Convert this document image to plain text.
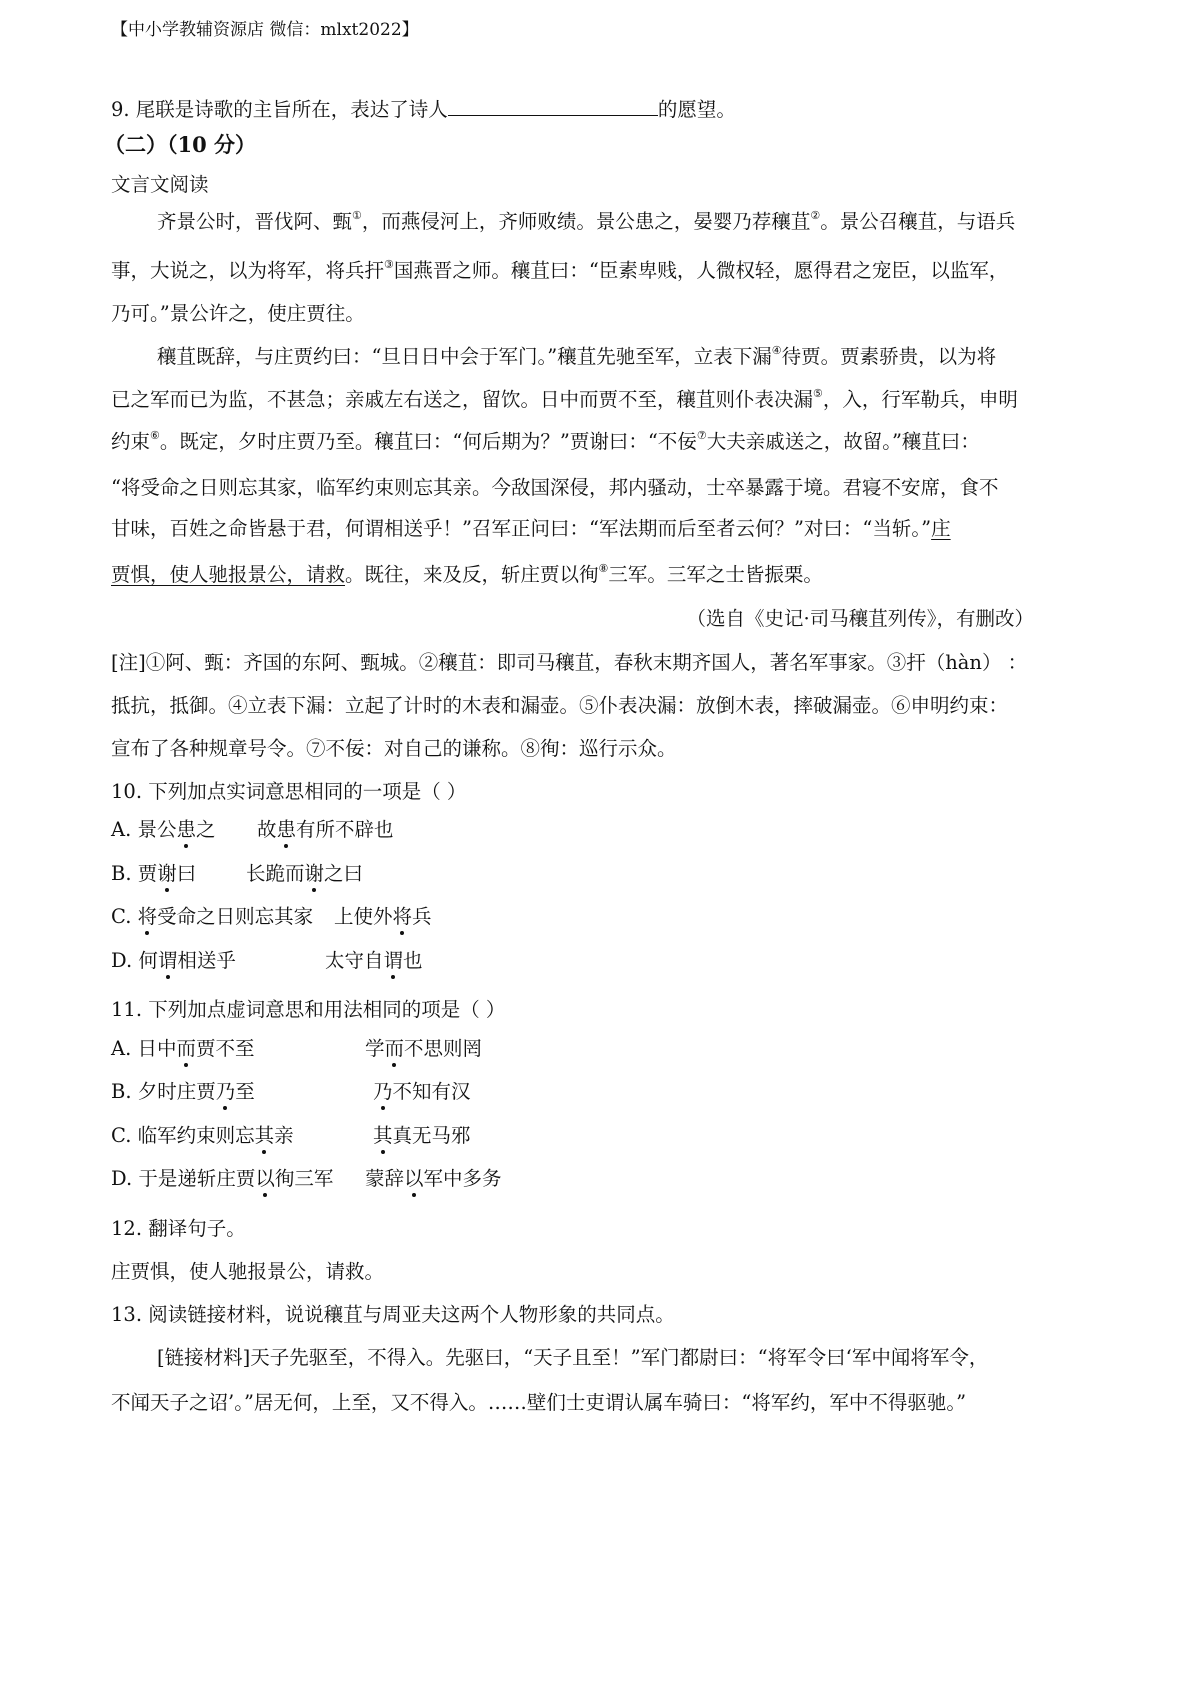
【中小学教辅资源店 微信：mlxt2022】
9. 尾联是诗歌的主旨所在，表达了诗人	的愿望。
（二）（10 分）
文言文阅读
齐景公时，晋伐阿、甄①，而燕侵河上，齐师败绩。景公患之，晏婴乃荐穰苴②。景公召穰苴，与语兵
事，大说之，以为将军，将兵扞③国燕晋之师。穰苴曰：“臣素卑贱，人微权轻，愿得君之宠臣，以监军，
乃可。”景公许之，使庄贾往。
穰苴既辞，与庄贾约曰：“旦日日中会于军门。”穰苴先驰至军，立表下漏④待贾。贾素骄贵，以为将
已之军而已为监，不甚急；亲戚左右送之，留饮。日中而贾不至，穰苴则仆表决漏⑤，入，行军勒兵，申明
约束⑥。既定，夕时庄贾乃至。穰苴曰：“何后期为？”贾谢曰：“不佞⑦大夫亲戚送之，故留。”穰苴曰：
“将受命之日则忘其家，临军约束则忘其亲。今敌国深侵，邦内骚动，士卒暴露于境。君寝不安席，食不
甘味，百姓之命皆悬于君，何谓相送乎！”召军正问曰：“军法期而后至者云何？”对曰：“当斩。”庄
贾惧，使人驰报景公，请救。既往，来及反，斩庄贾以徇⑧三军。三军之士皆振栗。
（选自《史记·司马穰苴列传》，有删改）
[注]①阿、甄：齐国的东阿、甄城。②穰苴：即司马穰苴，春秋末期齐国人，著名军事家。③扞（hàn） ：
抵抗，抵御。④立表下漏：立起了计时的木表和漏壶。⑤仆表决漏：放倒木表，摔破漏壶。⑥申明约束：
宣布了各种规章号令。⑦不佞：对自己的谦称。⑧徇：巡行示众。
10. 下列加点实词意思相同的一项是（ ）
A. 景公患之 故患有所不辟也
B. 贾谢曰	长跪而谢之曰
C. 将受命之日则忘其家 上使外将兵
D. 何谓相送乎	太守自谓也
11. 下列加点虚词意思和用法相同的项是（ ）
A. 日中而贾不至	学而不思则罔
B. 夕时庄贾乃至	乃不知有汉
C. 临军约束则忘其亲	其真无马邪
D. 于是递斩庄贾以徇三军 蒙辞以军中多务
12. 翻译句子。
庄贾惧，使人驰报景公，请救。
13. 阅读链接材料，说说穰苴与周亚夫这两个人物形象的共同点。
[链接材料]天子先驱至，不得入。先驱曰，“天子且至！”军门都尉曰：“将军令曰‘军中闻将军令，
不闻天子之诏’。”居无何，上至，又不得入。……壁们士吏谓认属车骑曰：“将军约，军中不得驱驰。”
